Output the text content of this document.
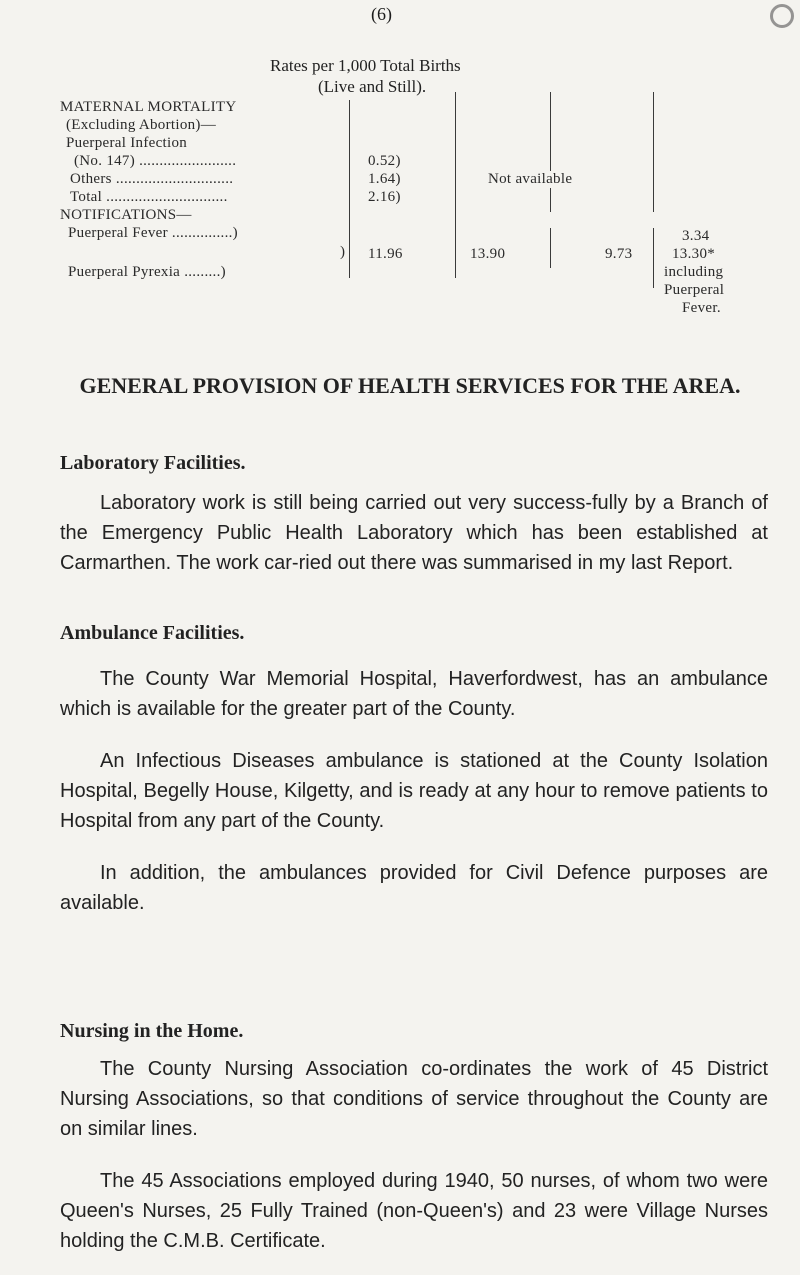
(6)
Rates per 1,000 Total Births
(Live and Still).
MATERNAL MORTALITY
(Excluding Abortion)—
Puerperal Infection
(No. 147) ........................
Others .............................
Total ..............................
NOTIFICATIONS—
Puerperal Fever ...............)
)
Puerperal Pyrexia .........)
0.52)
1.64)
2.16)
Not available
11.96	13.90	9.73
3.34
13.30*
including
Puerperal
Fever.
GENERAL PROVISION OF HEALTH SERVICES FOR THE AREA.
Laboratory Facilities.

Laboratory work is still being carried out very success-fully by a Branch of the Emergency Public Health Laboratory which has been established at Carmarthen. The work car-ried out there was summarised in my last Report.

Ambulance Facilities.

The County War Memorial Hospital, Haverfordwest, has an ambulance which is available for the greater part of the County.

An Infectious Diseases ambulance is stationed at the County Isolation Hospital, Begelly House, Kilgetty, and is ready at any hour to remove patients to Hospital from any part of the County.

In addition, the ambulances provided for Civil Defence purposes are available.

Nursing in the Home.

The County Nursing Association co-ordinates the work of 45 District Nursing Associations, so that conditions of service throughout the County are on similar lines.

The 45 Associations employed during 1940, 50 nurses, of whom two were Queen's Nurses, 25 Fully Trained (non-Queen's) and 23 were Village Nurses holding the C.M.B. Certificate.
